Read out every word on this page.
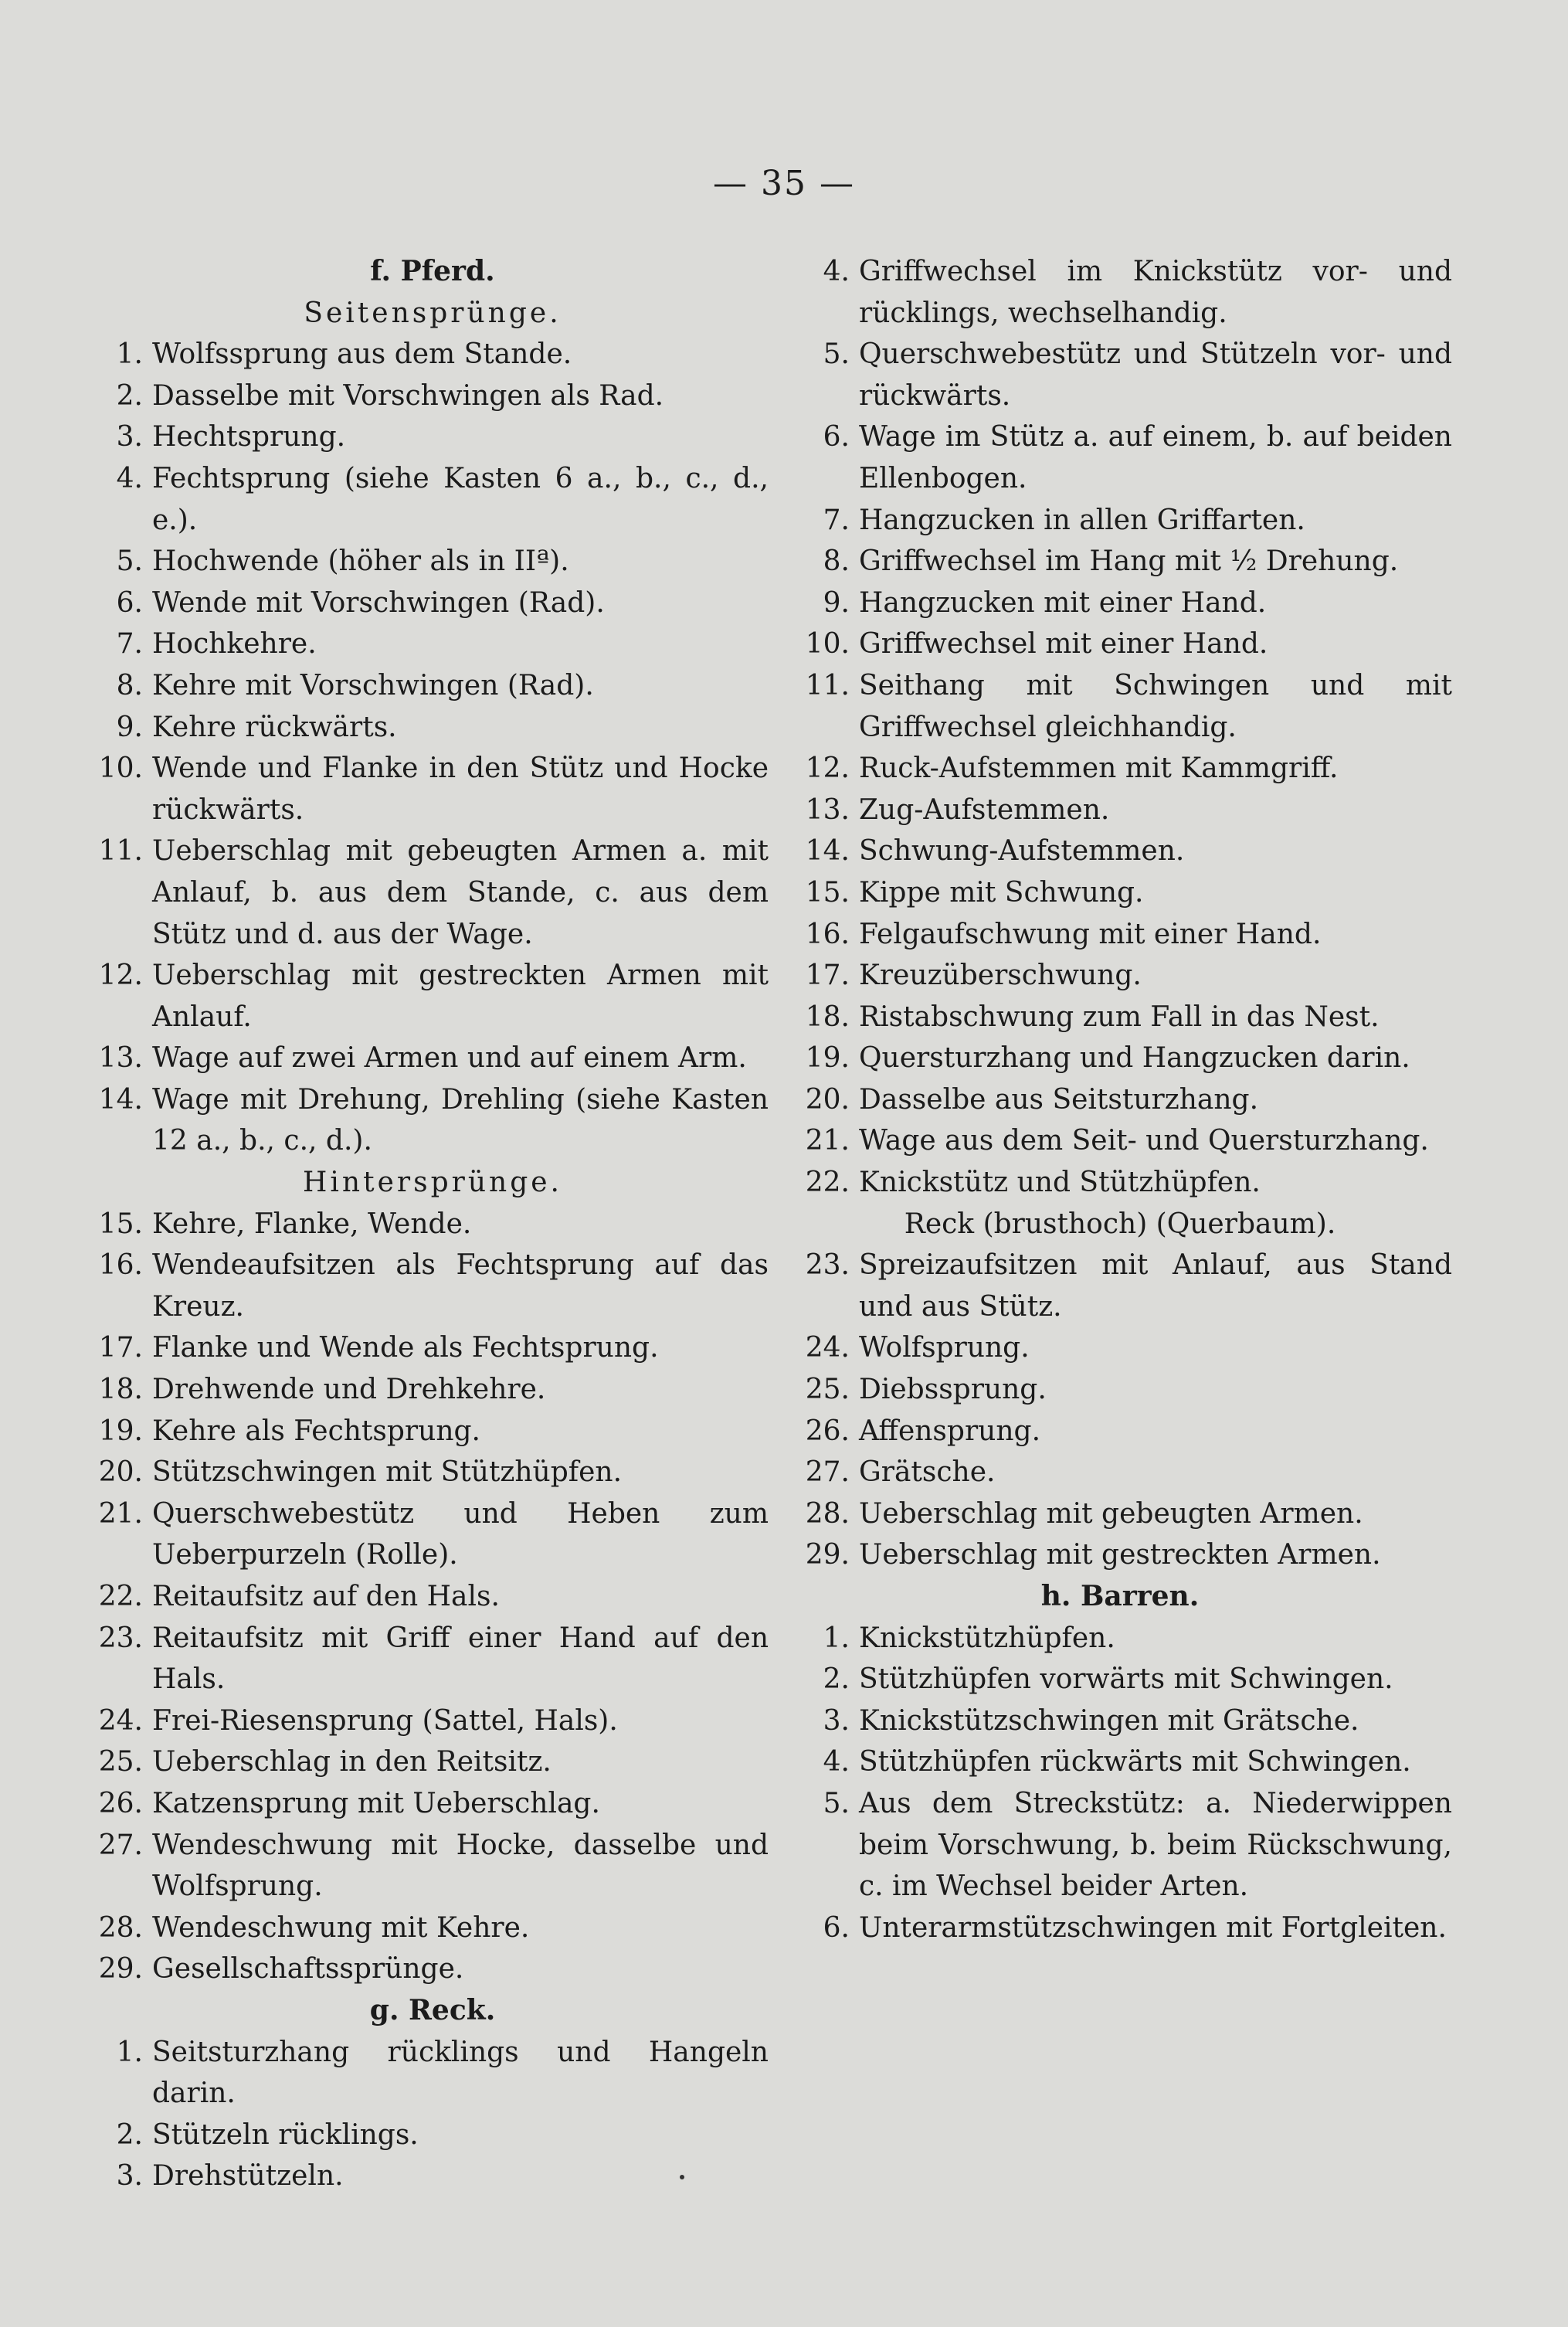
— 35 —
f. Pferd.
Seitensprünge.
1. Wolfssprung aus dem Stande.
2. Dasselbe mit Vorschwingen als Rad.
3. Hechtsprung.
4. Fechtsprung (siehe Kasten 6 a., b., c., d., e.).
5. Hochwende (höher als in IIª).
6. Wende mit Vorschwingen (Rad).
7. Hochkehre.
8. Kehre mit Vorschwingen (Rad).
9. Kehre rückwärts.
10. Wende und Flanke in den Stütz und Hocke rückwärts.
11. Ueberschlag mit gebeugten Armen a. mit Anlauf, b. aus dem Stande, c. aus dem Stütz und d. aus der Wage.
12. Ueberschlag mit gestreckten Armen mit Anlauf.
13. Wage auf zwei Armen und auf einem Arm.
14. Wage mit Drehung, Drehling (siehe Kasten 12 a., b., c., d.).
Hintersprünge.
15. Kehre, Flanke, Wende.
16. Wendeaufsitzen als Fechtsprung auf das Kreuz.
17. Flanke und Wende als Fechtsprung.
18. Drehwende und Drehkehre.
19. Kehre als Fechtsprung.
20. Stützschwingen mit Stützhüpfen.
21. Querschwebestütz und Heben zum Ueberpurzeln (Rolle).
22. Reitaufsitz auf den Hals.
23. Reitaufsitz mit Griff einer Hand auf den Hals.
24. Frei-Riesensprung (Sattel, Hals).
25. Ueberschlag in den Reitsitz.
26. Katzensprung mit Ueberschlag.
27. Wendeschwung mit Hocke, dasselbe und Wolfsprung.
28. Wendeschwung mit Kehre.
29. Gesellschaftssprünge.
g. Reck.
1. Seitsturzhang rücklings und Hangeln darin.
2. Stützeln rücklings.
3. Drehstützeln.
4. Griffwechsel im Knickstütz vor- und rücklings, wechselhandig.
5. Querschwebestütz und Stützeln vor- und rückwärts.
6. Wage im Stütz a. auf einem, b. auf beiden Ellenbogen.
7. Hangzucken in allen Griffarten.
8. Griffwechsel im Hang mit ½ Drehung.
9. Hangzucken mit einer Hand.
10. Griffwechsel mit einer Hand.
11. Seithang mit Schwingen und mit Griffwechsel gleichhandig.
12. Ruck-Aufstemmen mit Kammgriff.
13. Zug-Aufstemmen.
14. Schwung-Aufstemmen.
15. Kippe mit Schwung.
16. Felgaufschwung mit einer Hand.
17. Kreuzüberschwung.
18. Ristabschwung zum Fall in das Nest.
19. Quersturzhang und Hangzucken darin.
20. Dasselbe aus Seitsturzhang.
21. Wage aus dem Seit- und Quersturzhang.
22. Knickstütz und Stützhüpfen.
Reck (brusthoch) (Querbaum).
23. Spreizaufsitzen mit Anlauf, aus Stand und aus Stütz.
24. Wolfsprung.
25. Diebssprung.
26. Affensprung.
27. Grätsche.
28. Ueberschlag mit gebeugten Armen.
29. Ueberschlag mit gestreckten Armen.
h. Barren.
1. Knickstützhüpfen.
2. Stützhüpfen vorwärts mit Schwingen.
3. Knickstützschwingen mit Grätsche.
4. Stützhüpfen rückwärts mit Schwingen.
5. Aus dem Streckstütz: a. Niederwippen beim Vorschwung, b. beim Rückschwung, c. im Wechsel beider Arten.
6. Unterarmstützschwingen mit Fortgleiten.
